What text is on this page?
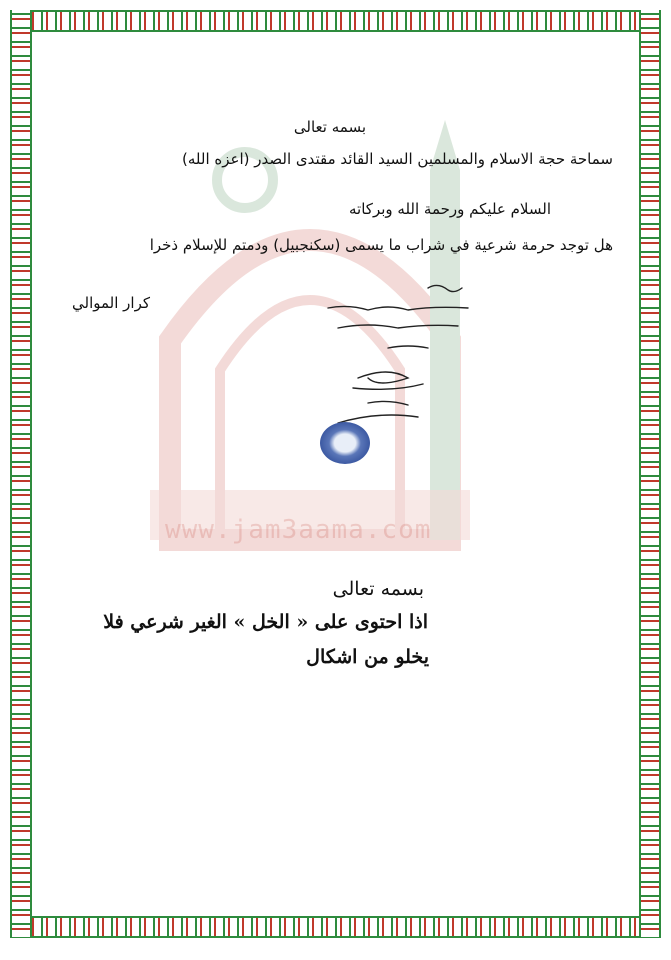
www.jam3aama.com
بسمه تعالى
سماحة حجة الاسلام والمسلمين السيد القائد مقتدى الصدر (اعزه الله)
السلام عليكم ورحمة الله وبركاته
هل توجد حرمة شرعية في شراب ما يسمى (سكنجبيل) ودمتم للإسلام ذخرا
كرار الموالي
بسمه تعالى
اذا احتوى على « الخل » الغير شرعي فلا
يخلو من اشكال
